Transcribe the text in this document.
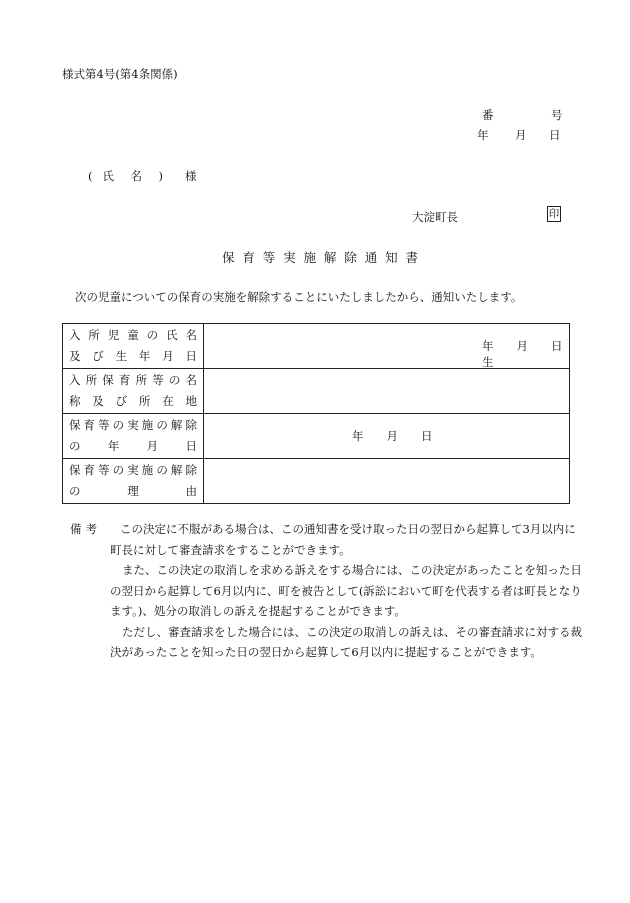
様式第4号(第4条関係)
番	号
年 月 日
( 氏 名 ) 様
大淀町長	印
保育等実施解除通知書
次の児童についての保育の実施を解除することにいたしましたから、通知いたします。
入所児童の氏名
及び生年月日	年　　月　　日生

入所保育所等の名
称及び所在地	

保育等の実施の解除
の　年　月　日	年　　月　　日

保育等の実施の解除
の　理　由	

備考 この決定に不服がある場合は、この通知書を受け取った日の翌日から起算して3月以内に
町長に対して審査請求をすることができます。
また、この決定の取消しを求める訴えをする場合には、この決定があったことを知った日
の翌日から起算して6月以内に、町を被告として(訴訟において町を代表する者は町長となり
ます。)、処分の取消しの訴えを提起することができます。
ただし、審査請求をした場合には、この決定の取消しの訴えは、その審査請求に対する裁
決があったことを知った日の翌日から起算して6月以内に提起することができます。
